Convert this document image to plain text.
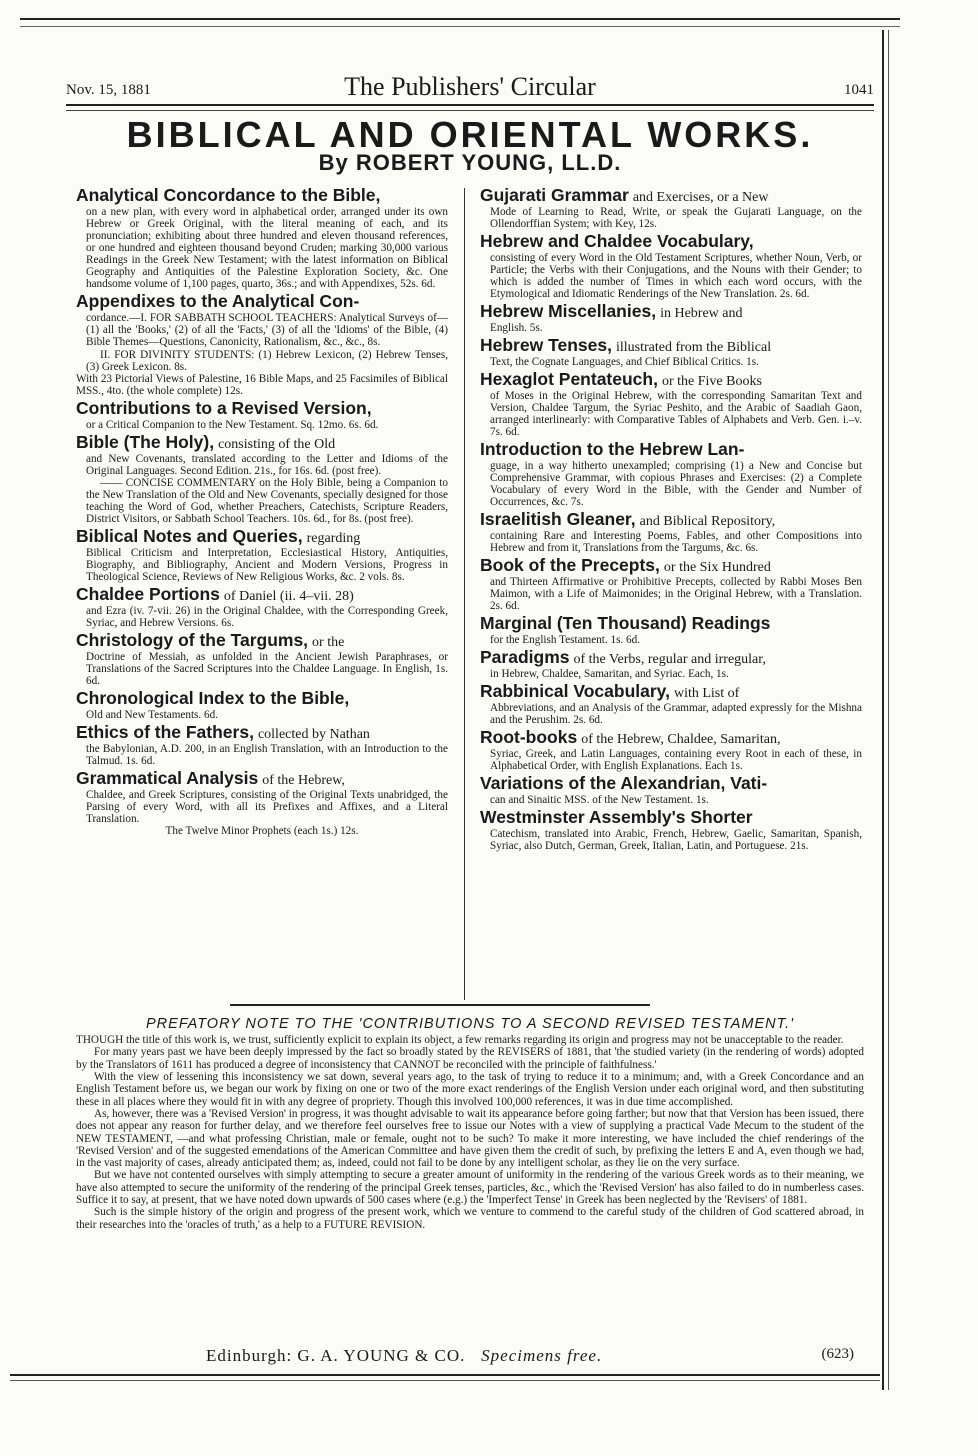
Nov. 15, 1881	The Publishers' Circular	1041
BIBLICAL AND ORIENTAL WORKS.
By ROBERT YOUNG, LL.D.
Analytical Concordance to the Bible,
on a new plan, with every word in alphabetical order, arranged under its own Hebrew or Greek Original, with the literal meaning of each, and its pronunciation; exhibiting about three hundred and eleven thousand references, or one hundred and eighteen thousand beyond Cruden; marking 30,000 various Readings in the Greek New Testament; with the latest information on Biblical Geography and Antiquities of the Palestine Exploration Society, &c. One handsome volume of 1,100 pages, quarto, 36s.; and with Appendixes, 52s. 6d.
Appendixes to the Analytical Con-
cordance.—I. FOR SABBATH SCHOOL TEACHERS: Analytical Surveys of—(1) all the 'Books,' (2) of all the 'Facts,' (3) of all the 'Idioms' of the Bible, (4) Bible Themes—Questions, Canonicity, Rationalism, &c., &c., 8s.
II. FOR DIVINITY STUDENTS: (1) Hebrew Lexicon, (2) Hebrew Tenses, (3) Greek Lexicon. 8s.
With 23 Pictorial Views of Palestine, 16 Bible Maps, and 25 Facsimiles of Biblical MSS., 4to. (the whole complete) 12s.
Contributions to a Revised Version,
or a Critical Companion to the New Testament. Sq. 12mo. 6s. 6d.
Bible (The Holy), consisting of the Old
and New Covenants, translated according to the Letter and Idioms of the Original Languages. Second Edition. 21s., for 16s. 6d. (post free).
—— CONCISE COMMENTARY on the Holy Bible, being a Companion to the New Translation of the Old and New Covenants, specially designed for those teaching the Word of God, whether Preachers, Catechists, Scripture Readers, District Visitors, or Sabbath School Teachers. 10s. 6d., for 8s. (post free).
Biblical Notes and Queries, regarding
Biblical Criticism and Interpretation, Ecclesiastical History, Antiquities, Biography, and Bibliography, Ancient and Modern Versions, Progress in Theological Science, Reviews of New Religious Works, &c. 2 vols. 8s.
Chaldee Portions of Daniel (ii. 4–vii. 28)
and Ezra (iv. 7-vii. 26) in the Original Chaldee, with the Corresponding Greek, Syriac, and Hebrew Versions. 6s.
Christology of the Targums, or the
Doctrine of Messiah, as unfolded in the Ancient Jewish Paraphrases, or Translations of the Sacred Scriptures into the Chaldee Language. In English, 1s. 6d.
Chronological Index to the Bible,
Old and New Testaments. 6d.
Ethics of the Fathers, collected by Nathan
the Babylonian, A.D. 200, in an English Translation, with an Introduction to the Talmud. 1s. 6d.
Grammatical Analysis of the Hebrew,
Chaldee, and Greek Scriptures, consisting of the Original Texts unabridged, the Parsing of every Word, with all its Prefixes and Affixes, and a Literal Translation.
The Twelve Minor Prophets (each 1s.) 12s.
Gujarati Grammar and Exercises, or a New
Mode of Learning to Read, Write, or speak the Gujarati Language, on the Ollendorffian System; with Key, 12s.
Hebrew and Chaldee Vocabulary,
consisting of every Word in the Old Testament Scriptures, whether Noun, Verb, or Particle; the Verbs with their Conjugations, and the Nouns with their Gender; to which is added the number of Times in which each word occurs, with the Etymological and Idiomatic Renderings of the New Translation. 2s. 6d.
Hebrew Miscellanies, in Hebrew and
English. 5s.
Hebrew Tenses, illustrated from the Biblical
Text, the Cognate Languages, and Chief Biblical Critics. 1s.
Hexaglot Pentateuch, or the Five Books
of Moses in the Original Hebrew, with the corresponding Samaritan Text and Version, Chaldee Targum, the Syriac Peshito, and the Arabic of Saadiah Gaon, arranged interlinearly: with Comparative Tables of Alphabets and Verb. Gen. i.–v. 7s. 6d.
Introduction to the Hebrew Lan-
guage, in a way hitherto unexampled; comprising (1) a New and Concise but Comprehensive Grammar, with copious Phrases and Exercises: (2) a Complete Vocabulary of every Word in the Bible, with the Gender and Number of Occurrences, &c. 7s.
Israelitish Gleaner, and Biblical Repository,
containing Rare and Interesting Poems, Fables, and other Compositions into Hebrew and from it, Translations from the Targums, &c. 6s.
Book of the Precepts, or the Six Hundred
and Thirteen Affirmative or Prohibitive Precepts, collected by Rabbi Moses Ben Maimon, with a Life of Maimonides; in the Original Hebrew, with a Translation. 2s. 6d.
Marginal (Ten Thousand) Readings
for the English Testament. 1s. 6d.
Paradigms of the Verbs, regular and irregular,
in Hebrew, Chaldee, Samaritan, and Syriac. Each, 1s.
Rabbinical Vocabulary, with List of
Abbreviations, and an Analysis of the Grammar, adapted expressly for the Mishna and the Perushim. 2s. 6d.
Root-books of the Hebrew, Chaldee, Samaritan,
Syriac, Greek, and Latin Languages, containing every Root in each of these, in Alphabetical Order, with English Explanations. Each 1s.
Variations of the Alexandrian, Vati-
can and Sinaitic MSS. of the New Testament. 1s.
Westminster Assembly's Shorter
Catechism, translated into Arabic, French, Hebrew, Gaelic, Samaritan, Spanish, Syriac, also Dutch, German, Greek, Italian, Latin, and Portuguese. 21s.
PREFATORY NOTE TO THE 'CONTRIBUTIONS TO A SECOND REVISED TESTAMENT.'

THOUGH the title of this work is, we trust, sufficiently explicit to explain its object, a few remarks regarding its origin and progress may not be unacceptable to the reader.

For many years past we have been deeply impressed by the fact so broadly stated by the REVISERS of 1881, that 'the studied variety (in the rendering of words) adopted by the Translators of 1611 has produced a degree of inconsistency that CANNOT be reconciled with the principle of faithfulness.'

With the view of lessening this inconsistency we sat down, several years ago, to the task of trying to reduce it to a minimum; and, with a Greek Concordance and an English Testament before us, we began our work by fixing on one or two of the more exact renderings of the English Version under each original word, and then substituting these in all places where they would fit in with any degree of propriety. Though this involved 100,000 references, it was in due time accomplished.

As, however, there was a 'Revised Version' in progress, it was thought advisable to wait its appearance before going farther; but now that that Version has been issued, there does not appear any reason for further delay, and we therefore feel ourselves free to issue our Notes with a view of supplying a practical Vade Mecum to the student of the NEW TESTAMENT, —and what professing Christian, male or female, ought not to be such? To make it more interesting, we have included the chief renderings of the 'Revised Version' and of the suggested emendations of the American Committee and have given them the credit of such, by prefixing the letters E and A, even though we had, in the vast majority of cases, already anticipated them; as, indeed, could not fail to be done by any intelligent scholar, as they lie on the very surface.

But we have not contented ourselves with simply attempting to secure a greater amount of uniformity in the rendering of the various Greek words as to their meaning, we have also attempted to secure the uniformity of the rendering of the principal Greek tenses, particles, &c., which the 'Revised Version' has also failed to do in numberless cases. Suffice it to say, at present, that we have noted down upwards of 500 cases where (e.g.) the 'Imperfect Tense' in Greek has been neglected by the 'Revisers' of 1881.

Such is the simple history of the origin and progress of the present work, which we venture to commend to the careful study of the children of God scattered abroad, in their researches into the 'oracles of truth,' as a help to a FUTURE REVISION.

Edinburgh: G. A. YOUNG & CO. Specimens free.	(623)
